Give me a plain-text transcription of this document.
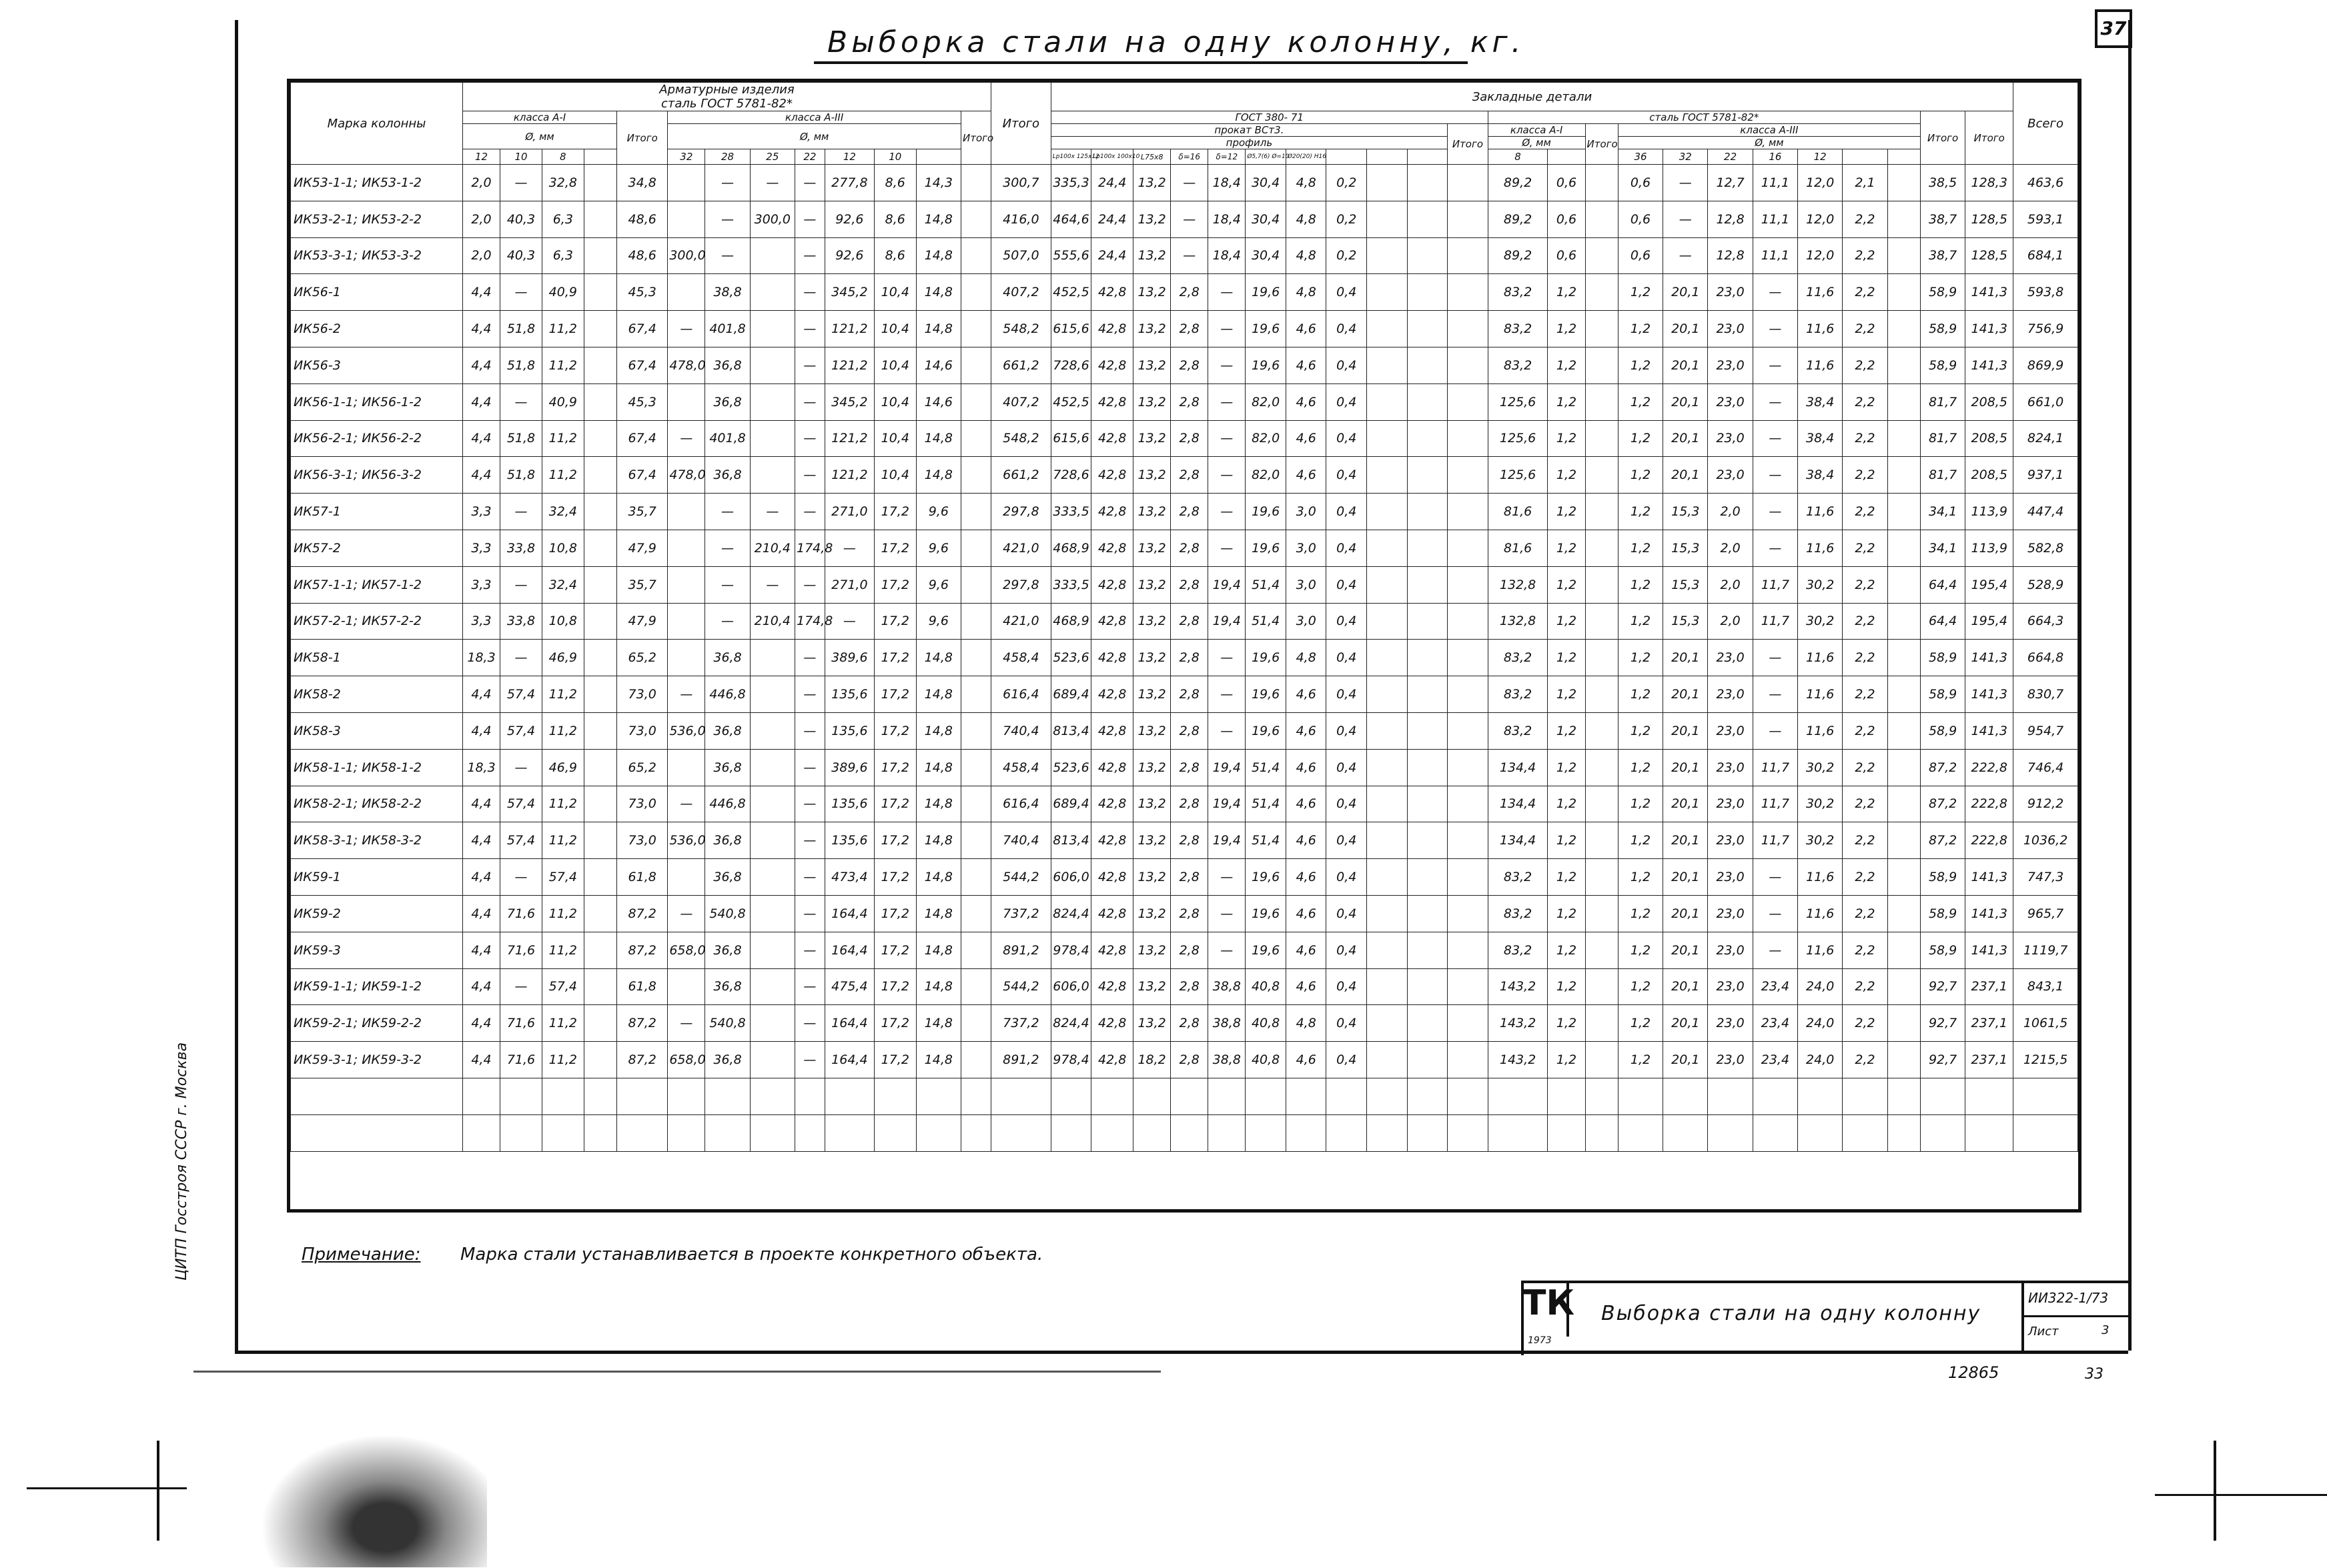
Выборка стали на одну колонну, кг.	37
Марка колонны	Арматурные изделия
сталь ГОСТ 5781-82*													Итого	Закладные детали																							Всего
	класса А-I				Итого	класса А-III							Итого		ГОСТ 380- 71											сталь ГОСТ 5781-82*										Итого	Итого	
	Ø, мм					Ø, мм									прокат ВСт3.										Итого	класса А-I		Итого	класса А-III									
															профиль											Ø, мм			Ø, мм									
	12	10	8			32	28	25	22	12	10				Lр100х 125х12	Lр100х 100х10	L75х8	δ=16	δ=12	Ø5,7(6) Ø=10	Ø20(20) Н16					8			36	32	22	16	12					
ИК53-1-1; ИК53-1-2	2,0	—	32,8		34,8		—	—	—	277,8	8,6	14,3		300,7	335,3	24,4	13,2	—	18,4	30,4	4,8	0,2				89,2	0,6		0,6	—	12,7	11,1	12,0	2,1		38,5	128,3	463,6
ИК53-2-1; ИК53-2-2	2,0	40,3	6,3		48,6		—	300,0	—	92,6	8,6	14,8		416,0	464,6	24,4	13,2	—	18,4	30,4	4,8	0,2				89,2	0,6		0,6	—	12,8	11,1	12,0	2,2		38,7	128,5	593,1
ИК53-3-1; ИК53-3-2	2,0	40,3	6,3		48,6	300,0	—		—	92,6	8,6	14,8		507,0	555,6	24,4	13,2	—	18,4	30,4	4,8	0,2				89,2	0,6		0,6	—	12,8	11,1	12,0	2,2		38,7	128,5	684,1
ИК56-1	4,4	—	40,9		45,3		38,8		—	345,2	10,4	14,8		407,2	452,5	42,8	13,2	2,8	—	19,6	4,8	0,4				83,2	1,2		1,2	20,1	23,0	—	11,6	2,2		58,9	141,3	593,8
ИК56-2	4,4	51,8	11,2		67,4	—	401,8		—	121,2	10,4	14,8		548,2	615,6	42,8	13,2	2,8	—	19,6	4,6	0,4				83,2	1,2		1,2	20,1	23,0	—	11,6	2,2		58,9	141,3	756,9
ИК56-3	4,4	51,8	11,2		67,4	478,0	36,8		—	121,2	10,4	14,6		661,2	728,6	42,8	13,2	2,8	—	19,6	4,6	0,4				83,2	1,2		1,2	20,1	23,0	—	11,6	2,2		58,9	141,3	869,9
ИК56-1-1; ИК56-1-2	4,4	—	40,9		45,3		36,8		—	345,2	10,4	14,6		407,2	452,5	42,8	13,2	2,8	—	82,0	4,6	0,4				125,6	1,2		1,2	20,1	23,0	—	38,4	2,2		81,7	208,5	661,0
ИК56-2-1; ИК56-2-2	4,4	51,8	11,2		67,4	—	401,8		—	121,2	10,4	14,8		548,2	615,6	42,8	13,2	2,8	—	82,0	4,6	0,4				125,6	1,2		1,2	20,1	23,0	—	38,4	2,2		81,7	208,5	824,1
ИК56-3-1; ИК56-3-2	4,4	51,8	11,2		67,4	478,0	36,8		—	121,2	10,4	14,8		661,2	728,6	42,8	13,2	2,8	—	82,0	4,6	0,4				125,6	1,2		1,2	20,1	23,0	—	38,4	2,2		81,7	208,5	937,1
ИК57-1	3,3	—	32,4		35,7		—	—	—	271,0	17,2	9,6		297,8	333,5	42,8	13,2	2,8	—	19,6	3,0	0,4				81,6	1,2		1,2	15,3	2,0	—	11,6	2,2		34,1	113,9	447,4
ИК57-2	3,3	33,8	10,8		47,9		—	210,4	174,8	—	17,2	9,6		421,0	468,9	42,8	13,2	2,8	—	19,6	3,0	0,4				81,6	1,2		1,2	15,3	2,0	—	11,6	2,2		34,1	113,9	582,8
ИК57-1-1; ИК57-1-2	3,3	—	32,4		35,7		—	—	—	271,0	17,2	9,6		297,8	333,5	42,8	13,2	2,8	19,4	51,4	3,0	0,4				132,8	1,2		1,2	15,3	2,0	11,7	30,2	2,2		64,4	195,4	528,9
ИК57-2-1; ИК57-2-2	3,3	33,8	10,8		47,9		—	210,4	174,8	—	17,2	9,6		421,0	468,9	42,8	13,2	2,8	19,4	51,4	3,0	0,4				132,8	1,2		1,2	15,3	2,0	11,7	30,2	2,2		64,4	195,4	664,3
ИК58-1	18,3	—	46,9		65,2		36,8		—	389,6	17,2	14,8		458,4	523,6	42,8	13,2	2,8	—	19,6	4,8	0,4				83,2	1,2		1,2	20,1	23,0	—	11,6	2,2		58,9	141,3	664,8
ИК58-2	4,4	57,4	11,2		73,0	—	446,8		—	135,6	17,2	14,8		616,4	689,4	42,8	13,2	2,8	—	19,6	4,6	0,4				83,2	1,2		1,2	20,1	23,0	—	11,6	2,2		58,9	141,3	830,7
ИК58-3	4,4	57,4	11,2		73,0	536,0	36,8		—	135,6	17,2	14,8		740,4	813,4	42,8	13,2	2,8	—	19,6	4,6	0,4				83,2	1,2		1,2	20,1	23,0	—	11,6	2,2		58,9	141,3	954,7
ИК58-1-1; ИК58-1-2	18,3	—	46,9		65,2		36,8		—	389,6	17,2	14,8		458,4	523,6	42,8	13,2	2,8	19,4	51,4	4,6	0,4				134,4	1,2		1,2	20,1	23,0	11,7	30,2	2,2		87,2	222,8	746,4
ИК58-2-1; ИК58-2-2	4,4	57,4	11,2		73,0	—	446,8		—	135,6	17,2	14,8		616,4	689,4	42,8	13,2	2,8	19,4	51,4	4,6	0,4				134,4	1,2		1,2	20,1	23,0	11,7	30,2	2,2		87,2	222,8	912,2
ИК58-3-1; ИК58-3-2	4,4	57,4	11,2		73,0	536,0	36,8		—	135,6	17,2	14,8		740,4	813,4	42,8	13,2	2,8	19,4	51,4	4,6	0,4				134,4	1,2		1,2	20,1	23,0	11,7	30,2	2,2		87,2	222,8	1036,2
ИК59-1	4,4	—	57,4		61,8		36,8		—	473,4	17,2	14,8		544,2	606,0	42,8	13,2	2,8	—	19,6	4,6	0,4				83,2	1,2		1,2	20,1	23,0	—	11,6	2,2		58,9	141,3	747,3
ИК59-2	4,4	71,6	11,2		87,2	—	540,8		—	164,4	17,2	14,8		737,2	824,4	42,8	13,2	2,8	—	19,6	4,6	0,4				83,2	1,2		1,2	20,1	23,0	—	11,6	2,2		58,9	141,3	965,7
ИК59-3	4,4	71,6	11,2		87,2	658,0	36,8		—	164,4	17,2	14,8		891,2	978,4	42,8	13,2	2,8	—	19,6	4,6	0,4				83,2	1,2		1,2	20,1	23,0	—	11,6	2,2		58,9	141,3	1119,7
ИК59-1-1; ИК59-1-2	4,4	—	57,4		61,8		36,8		—	475,4	17,2	14,8		544,2	606,0	42,8	13,2	2,8	38,8	40,8	4,6	0,4				143,2	1,2		1,2	20,1	23,0	23,4	24,0	2,2		92,7	237,1	843,1
ИК59-2-1; ИК59-2-2	4,4	71,6	11,2		87,2	—	540,8		—	164,4	17,2	14,8		737,2	824,4	42,8	13,2	2,8	38,8	40,8	4,8	0,4				143,2	1,2		1,2	20,1	23,0	23,4	24,0	2,2		92,7	237,1	1061,5
ИК59-3-1; ИК59-3-2	4,4	71,6	11,2		87,2	658,0	36,8		—	164,4	17,2	14,8		891,2	978,4	42,8	18,2	2,8	38,8	40,8	4,6	0,4				143,2	1,2		1,2	20,1	23,0	23,4	24,0	2,2		92,7	237,1	1215,5

Примечание: Марка стали устанавливается в проекте конкретного объекта.
ТК
1973
Выборка стали на одну колонну
ИИ322-1/73
Лист	3
12865	33
ЦИТП Госстроя СССР г. Москва
